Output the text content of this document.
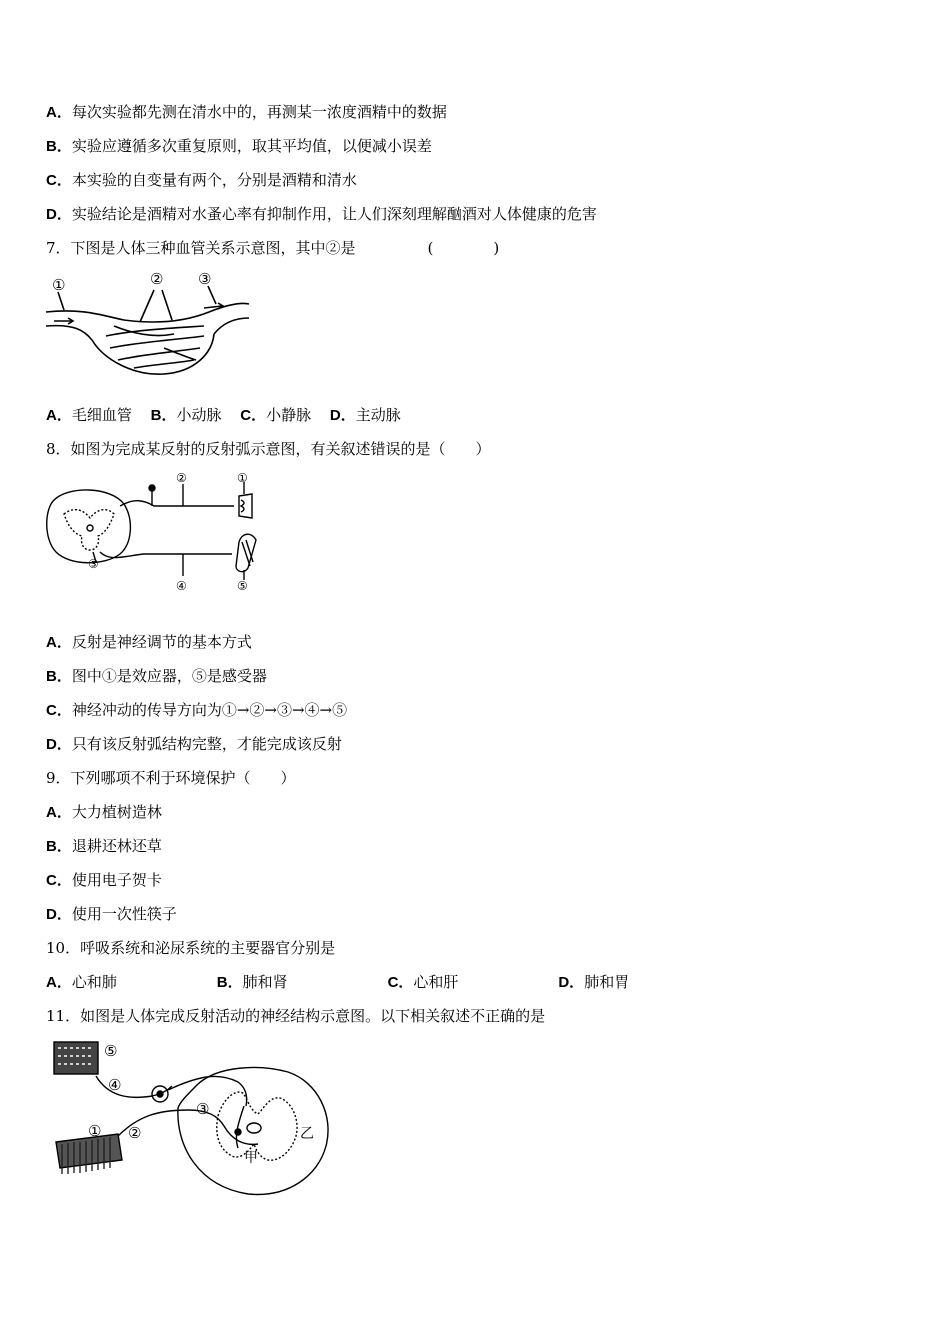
A．每次实验都先测在清水中的，再测某一浓度酒精中的数据
B．实验应遵循多次重复原则，取其平均值，以便减小误差
C．本实验的自变量有两个，分别是酒精和清水
D．实验结论是酒精对水蚤心率有抑制作用，让人们深刻理解酗酒对人体健康的危害
7．下图是人体三种血管关系示意图，其中②是	(　　　　)
①	② ③
A．毛细血管 B．小动脉 C．小静脉 D．主动脉
8．如图为完成某反射的反射弧示意图，有关叙述错误的是（　　）
②	①
③
④	⑤
A．反射是神经调节的基本方式
B．图中①是效应器，⑤是感受器
C．神经冲动的传导方向为①→②→③→④→⑤
D．只有该反射弧结构完整，才能完成该反射
9．下列哪项不利于环境保护（　　）
A．大力植树造林
B．退耕还林还草
C．使用电子贺卡
D．使用一次性筷子
10．呼吸系统和泌尿系统的主要器官分别是
A．心和肺	B．肺和肾	C．心和肝	D．肺和胃
11．如图是人体完成反射活动的神经结构示意图。以下相关叙述不正确的是
⑤
④
① ②
③
甲
乙
